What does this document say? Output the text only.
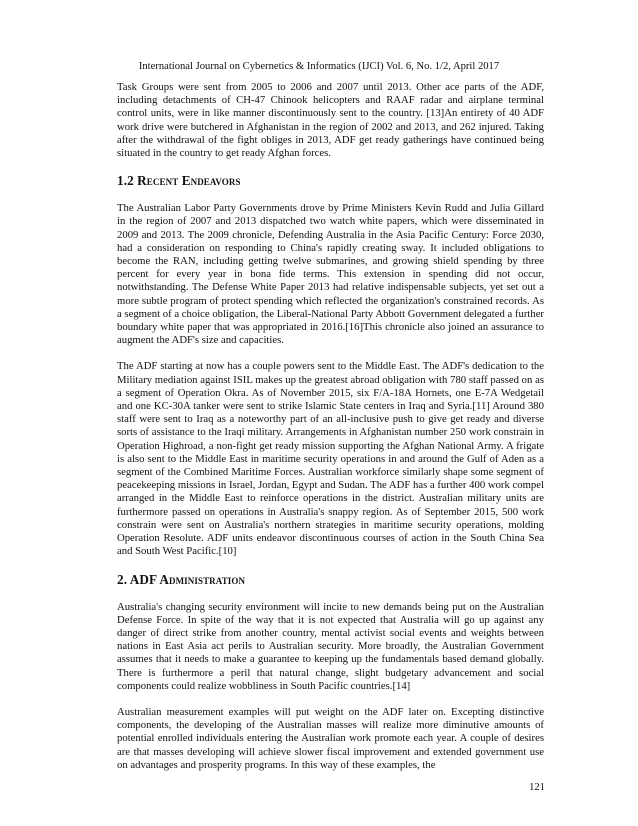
International Journal on Cybernetics & Informatics (IJCI) Vol. 6, No. 1/2, April 2017

Task Groups were sent from 2005 to 2006 and 2007 until 2013. Other ace parts of the ADF, including detachments of CH-47 Chinook helicopters and RAAF radar and airplane terminal control units, were in like manner discontinuously sent to the country. [13]An entirety of 40 ADF work drive were butchered in Afghanistan in the region of 2002 and 2013, and 262 injured. Taking after the withdrawal of the fight obliges in 2013, ADF get ready gatherings have continued being situated in the country to get ready Afghan forces.

1.2 Recent Endeavors

The Australian Labor Party Governments drove by Prime Ministers Kevin Rudd and Julia Gillard in the region of 2007 and 2013 dispatched two watch white papers, which were disseminated in 2009 and 2013. The 2009 chronicle, Defending Australia in the Asia Pacific Century: Force 2030, had a consideration on responding to China's rapidly creating sway. It included obligations to become the RAN, including getting twelve submarines, and growing shield spending by three percent for every year in bona fide terms. This extension in spending did not occur, notwithstanding. The Defense White Paper 2013 had relative indispensable subjects, yet set out a more subtle program of protect spending which reflected the organization's constrained records. As a segment of a choice obligation, the Liberal-National Party Abbott Government delegated a further boundary white paper that was appropriated in 2016.[16]This chronicle also joined an assurance to augment the ADF's size and capacities.

The ADF starting at now has a couple powers sent to the Middle East. The ADF's dedication to the Military mediation against ISIL makes up the greatest abroad obligation with 780 staff passed on as a segment of Operation Okra. As of November 2015, six F/A-18A Hornets, one E-7A Wedgetail and one KC-30A tanker were sent to strike Islamic State centers in Iraq and Syria.[11] Around 380 staff were sent to Iraq as a noteworthy part of an all-inclusive push to give get ready and diverse sorts of assistance to the Iraqi military. Arrangements in Afghanistan number 250 work constrain in Operation Highroad, a non-fight get ready mission supporting the Afghan National Army. A frigate is also sent to the Middle East in maritime security operations in and around the Gulf of Aden as a segment of the Combined Maritime Forces. Australian workforce similarly shape some segment of peacekeeping missions in Israel, Jordan, Egypt and Sudan. The ADF has a further 400 work compel arranged in the Middle East to reinforce operations in the district. Australian military units are furthermore passed on operations in Australia's snappy region. As of September 2015, 500 work constrain were sent on Australia's northern strategies in maritime security operations, molding Operation Resolute. ADF units endeavor discontinuous courses of action in the South China Sea and South West Pacific.[10]

2. ADF Administration

Australia's changing security environment will incite to new demands being put on the Australian Defense Force. In spite of the way that it is not expected that Australia will go up against any danger of direct strike from another country, mental activist social events and weights between nations in East Asia act perils to Australian security. More broadly, the Australian Government assumes that it needs to make a guarantee to keeping up the fundamentals based demand globally. There is furthermore a peril that natural change, slight budgetary advancement and social components could realize wobbliness in South Pacific countries.[14]

Australian measurement examples will put weight on the ADF later on. Excepting distinctive components, the developing of the Australian masses will realize more diminutive amounts of potential enrolled individuals entering the Australian work promote each year. A couple of desires are that masses developing will achieve slower fiscal improvement and extended government use on advantages and prosperity programs. In this way of these examples, the

121
